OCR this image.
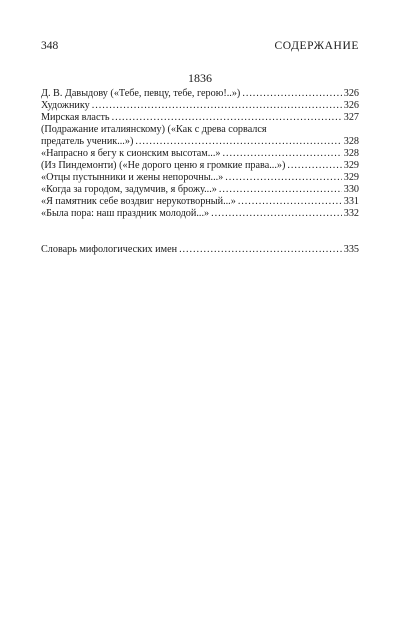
348	СОДЕРЖАНИЕ
1836
Д. В. Давыдову («Тебе, певцу, тебе, герою!..») . . .	326
Художнику . . .	326
Мирская власть . . .	327
(Подражание италиянскому) («Как с древа сорвался
предатель ученик...») . . .	328
«Напрасно я бегу к сионским высотам...» . . .	328
(Из Пиндемонти) («Не дорого ценю я громкие права...») . . .	329
«Отцы пустынники и жены непорочны...» . . .	329
«Когда за городом, задумчив, я брожу...» . . .	330
«Я памятник себе воздвиг нерукотворный...» . . .	331
«Была пора: наш праздник молодой...» . . .	332
Словарь мифологических имен . . .	335
